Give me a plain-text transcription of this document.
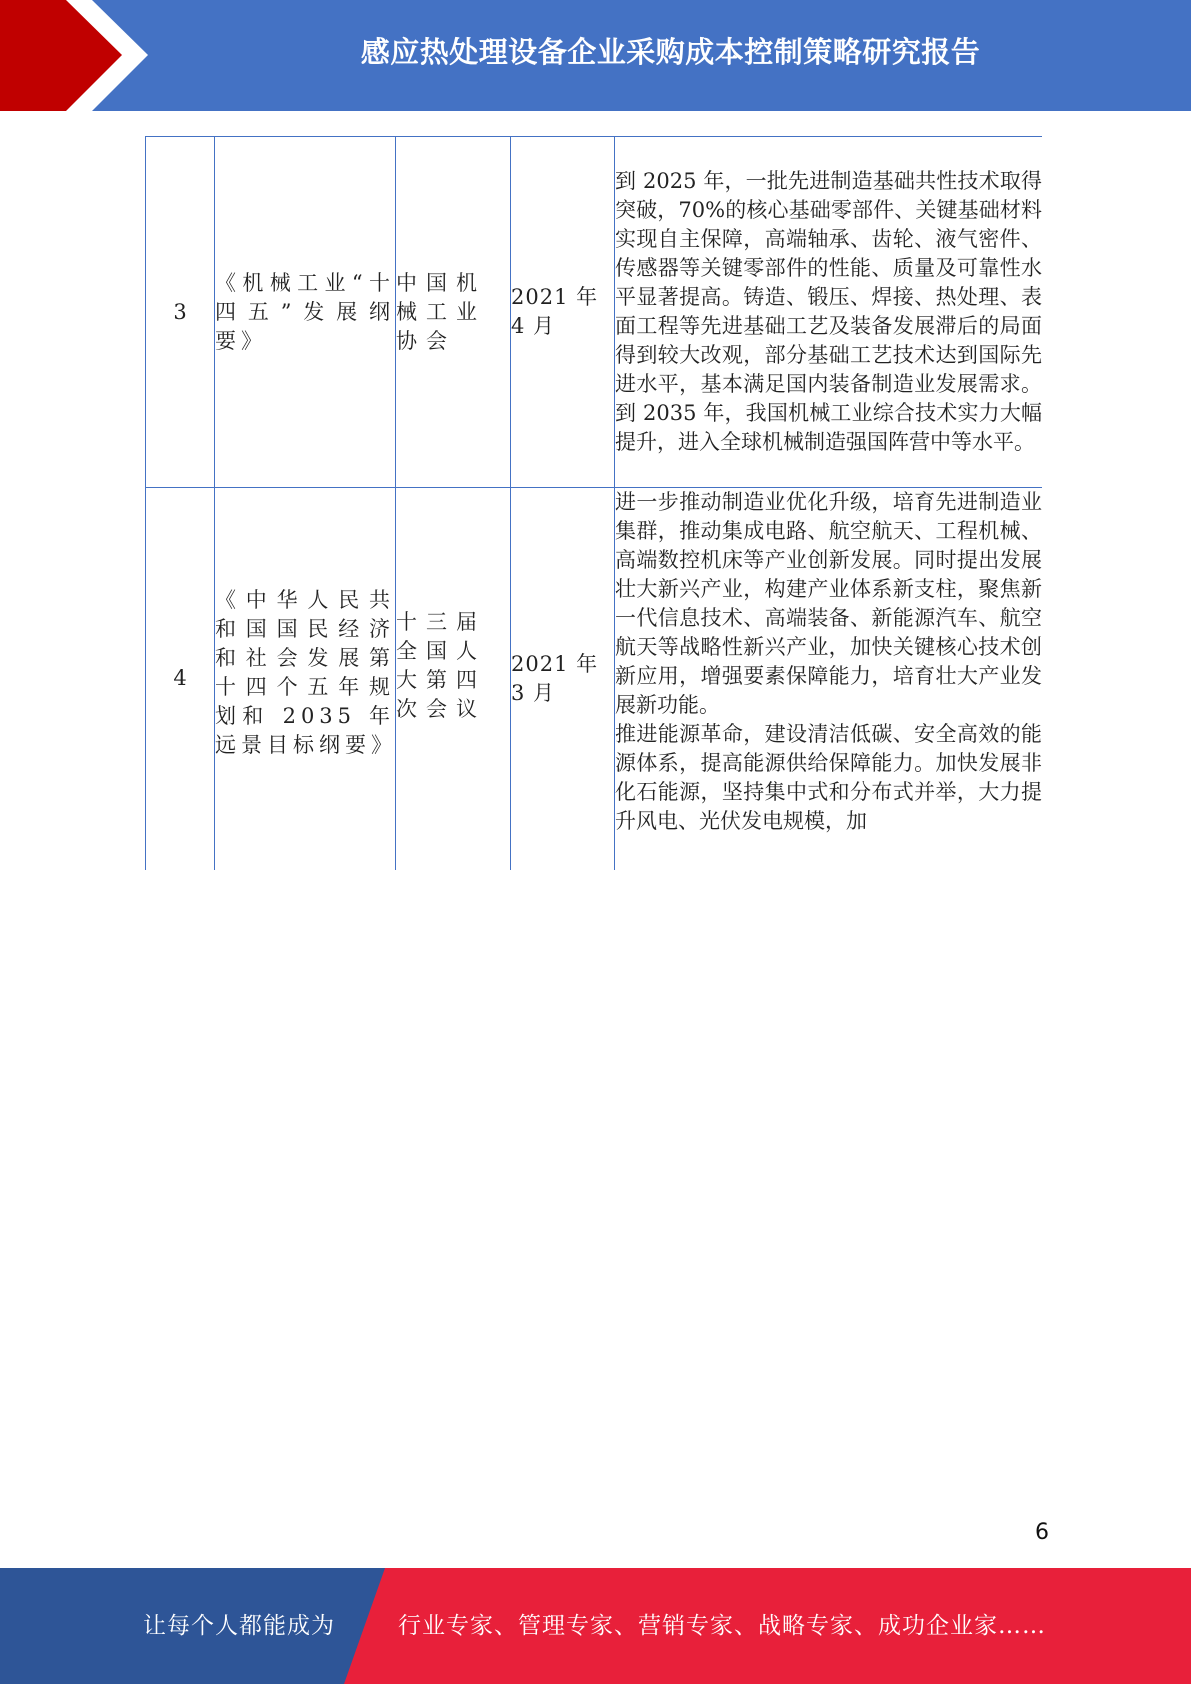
感应热处理设备企业采购成本控制策略研究报告
3	《机械工业“十四五”发展纲要》	中国机械工业协会	2021 年 4 月	到 2025 年，一批先进制造基础共性技术取得突破，70%的核心基础零部件、关键基础材料实现自主保障，高端轴承、齿轮、液气密件、传感器等关键零部件的性能、质量及可靠性水平显著提高。铸造、锻压、焊接、热处理、表面工程等先进基础工艺及装备发展滞后的局面得到较大改观，部分基础工艺技术达到国际先进水平，基本满足国内装备制造业发展需求。到 2035 年，我国机械工业综合技术实力大幅提升，进入全球机械制造强国阵营中等水平。

4	《中华人民共和国国民经济和社会发展第十四个五年规划和 2035 年远景目标纲要》	十三届全国人大第四次会议	2021 年 3 月	进一步推动制造业优化升级，培育先进制造业集群，推动集成电路、航空航天、工程机械、高端数控机床等产业创新发展。同时提出发展壮大新兴产业，构建产业体系新支柱，聚焦新一代信息技术、高端装备、新能源汽车、航空航天等战略性新兴产业，加快关键核心技术创新应用，增强要素保障能力，培育壮大产业发展新功能。

推进能源革命，建设清洁低碳、安全高效的能源体系，提高能源供给保障能力。加快发展非化石能源，坚持集中式和分布式并举，大力提升风电、光伏发电规模，加

6
让每个人都能成为	行业专家、管理专家、营销专家、战略专家、成功企业家……
